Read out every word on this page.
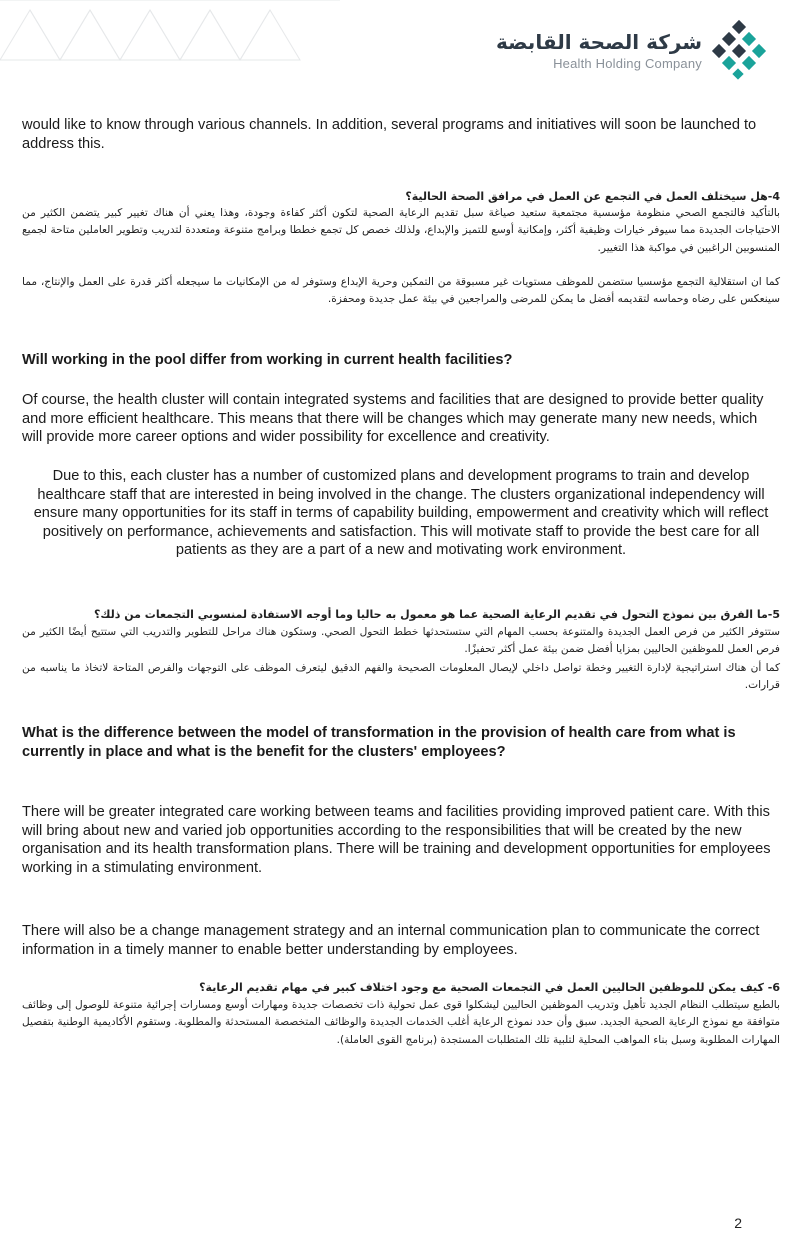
شركة الصحة القابضة
Health Holding Company
would like to know through various channels. In addition, several programs and initiatives will soon be launched to address this.
4-هل سيختلف العمل في التجمع عن العمل في مرافق الصحة الحالية؟
بالتأكيد فالتجمع الصحي منظومة مؤسسية مجتمعية ستعيد صياغة سبل تقديم الرعاية الصحية لتكون أكثر كفاءة وجودة، وهذا يعني أن هناك تغيير كبير يتضمن الكثير من الاحتياجات الجديدة مما سيوفر خيارات وظيفية أكثر، وإمكانية أوسع للتميز والإبداع، ولذلك خصص كل تجمع خططا وبرامج متنوعة ومتعددة لتدريب وتطوير العاملين متاحة لجميع المنسوبين الراغبين في مواكبة هذا التغيير.
كما ان استقلالية التجمع مؤسسيا ستضمن للموظف مستويات غير مسبوقة من التمكين وحرية الإبداع وستوفر له من الإمكانيات ما سيجعله أكثر قدرة على العمل والإنتاج، مما سينعكس على رضاه وحماسه لتقديمه أفضل ما يمكن للمرضى والمراجعين في بيئة عمل جديدة ومحفزة.
Will working in the pool differ from working in current health facilities?
Of course, the health cluster will contain integrated systems and facilities that are designed to provide better quality and more efficient healthcare. This means that there will be changes which may generate many new needs, which will provide more career options and wider possibility for excellence and creativity.
Due to this, each cluster has a number of customized plans and development programs to train and develop healthcare staff that are interested in being involved in the change. The clusters organizational independency will ensure many opportunities for its staff in terms of capability building, empowerment and creativity which will reflect positively on performance, achievements and satisfaction. This will motivate staff to provide the best care for all patients as they are a part of a new and motivating work environment.
5-ما الفرق بين نموذج التحول في تقديم الرعاية الصحية عما هو معمول به حاليا وما أوجه الاستفادة لمنسوبي التجمعات من ذلك؟
ستتوفر الكثير من فرص العمل الجديدة والمتنوعة بحسب المهام التي ستستحدثها خطط التحول الصحي. وستكون هناك مراحل للتطوير والتدريب التي ستتيح أيضًا الكثير من فرص العمل للموظفين الحاليين بمزايا أفضل ضمن بيئة عمل أكثر تحفيزًا.
كما أن هناك استراتيجية لإدارة التغيير وخطة تواصل داخلي لإيصال المعلومات الصحيحة والفهم الدقيق ليتعرف الموظف على التوجهات والفرص المتاحة لاتخاذ ما يناسبه من قرارات.
What is the difference between the model of transformation in the provision of health care from what is currently in place and what is the benefit for the clusters' employees?
There will be greater integrated care working between teams and facilities providing improved patient care. With this will bring about new and varied job opportunities according to the responsibilities that will be created by the new organisation and its health transformation plans. There will be training and development opportunities for employees working in a stimulating environment.
There will also be a change management strategy and an internal communication plan to communicate the correct information in a timely manner to enable better understanding by employees.
6- كيف يمكن للموظفين الحاليين العمل في التجمعات الصحية مع وجود اختلاف كبير في مهام تقديم الرعاية؟
بالطبع سيتطلب النظام الجديد تأهيل وتدريب الموظفين الحاليين ليشكلوا قوى عمل تحولية ذات تخصصات جديدة ومهارات أوسع ومسارات إجرائية متنوعة للوصول إلى وظائف متوافقة مع نموذج الرعاية الصحية الجديد. سبق وأن حدد نموذج الرعاية أغلب الخدمات الجديدة والوظائف المتخصصة المستحدثة والمطلوبة. وستقوم الأكاديمية الوطنية بتفصيل المهارات المطلوبة وسبل بناء المواهب المحلية لتلبية تلك المتطلبات المستجدة (برنامج القوى العاملة).
2
